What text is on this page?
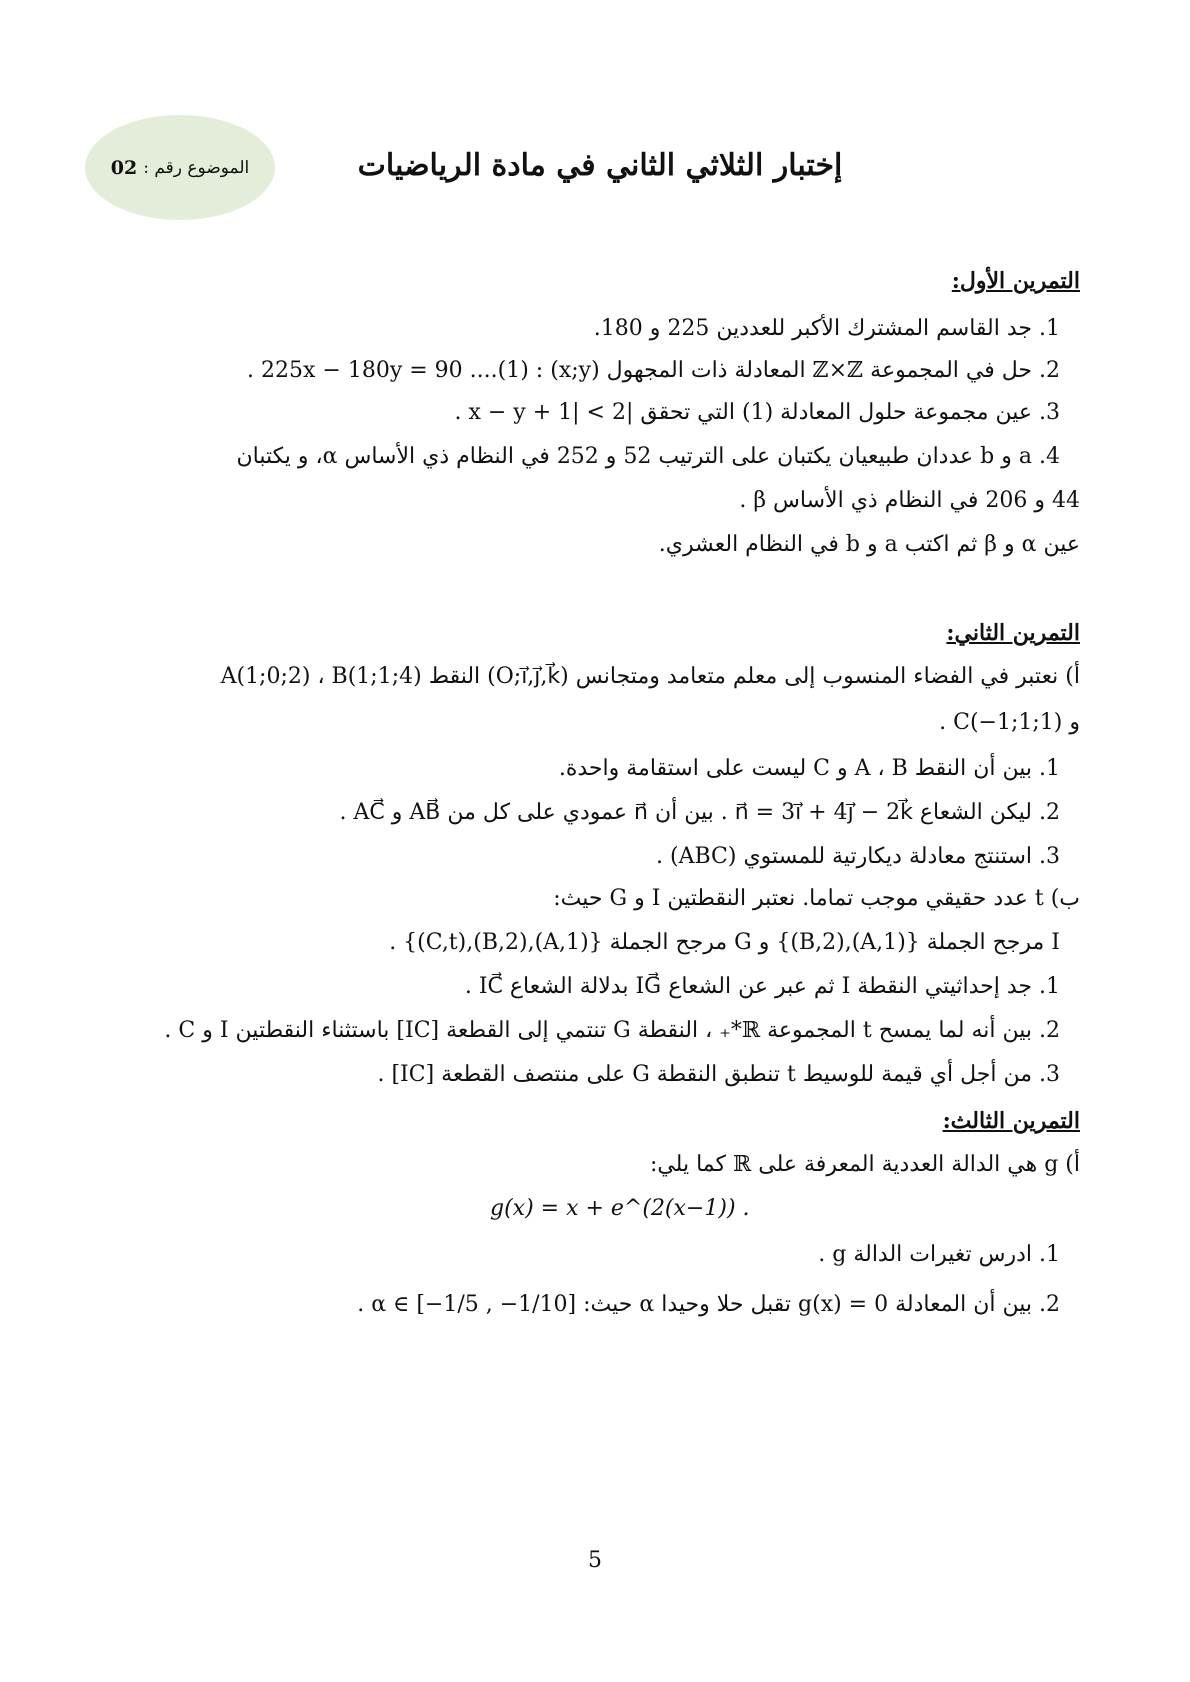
الموضوع رقم :
02	إختبار الثلاثي الثاني في مادة الرياضيات
التمرين الأول:
1. جد القاسم المشترك الأكبر للعددين 225 و 180.
2. حل في المجموعة ℤ×ℤ المعادلة ذات المجهول (x;y) : (1).... 225x − 180y = 90 .
3. عين مجموعة حلول المعادلة (1) التي تحقق |x − y + 1| < 2 .
4. a و b عددان طبيعيان يكتبان على الترتيب 52 و 252 في النظام ذي الأساس α، و يكتبان
44 و 206 في النظام ذي الأساس β .
عين α و β ثم اكتب a و b في النظام العشري.
التمرين الثاني:
أ) نعتبر في الفضاء المنسوب إلى معلم متعامد ومتجانس (O;i⃗,j⃗,k⃗) النقط A(1;0;2) ، B(1;1;4)
و C(−1;1;1) .
1. بين أن النقط A ، B و C ليست على استقامة واحدة.
2. ليكن الشعاع n⃗ = 3i⃗ + 4j⃗ − 2k⃗ . بين أن n⃗ عمودي على كل من AB⃗ و AC⃗ .
3. استنتج معادلة ديكارتية للمستوي (ABC) .
ب) t عدد حقيقي موجب تماما. نعتبر النقطتين I و G حيث:
I مرجح الجملة {(A,1),(B,2)} و G مرجح الجملة {(A,1),(B,2),(C,t)} .
1. جد إحداثيتي النقطة I ثم عبر عن الشعاع IG⃗ بدلالة الشعاع IC⃗ .
2. بين أنه لما يمسح t المجموعة ℝ*₊ ، النقطة G تنتمي إلى القطعة [IC] باستثناء النقطتين I و C .
3. من أجل أي قيمة للوسيط t تنطبق النقطة G على منتصف القطعة [IC] .
التمرين الثالث:
أ) g هي الدالة العددية المعرفة على ℝ كما يلي:
g(x) = x + e^(2(x−1)) .
1. ادرس تغيرات الدالة g .
2. بين أن المعادلة g(x) = 0 تقبل حلا وحيدا α حيث: α ∈ [−1/5 , −1/10] .
5
